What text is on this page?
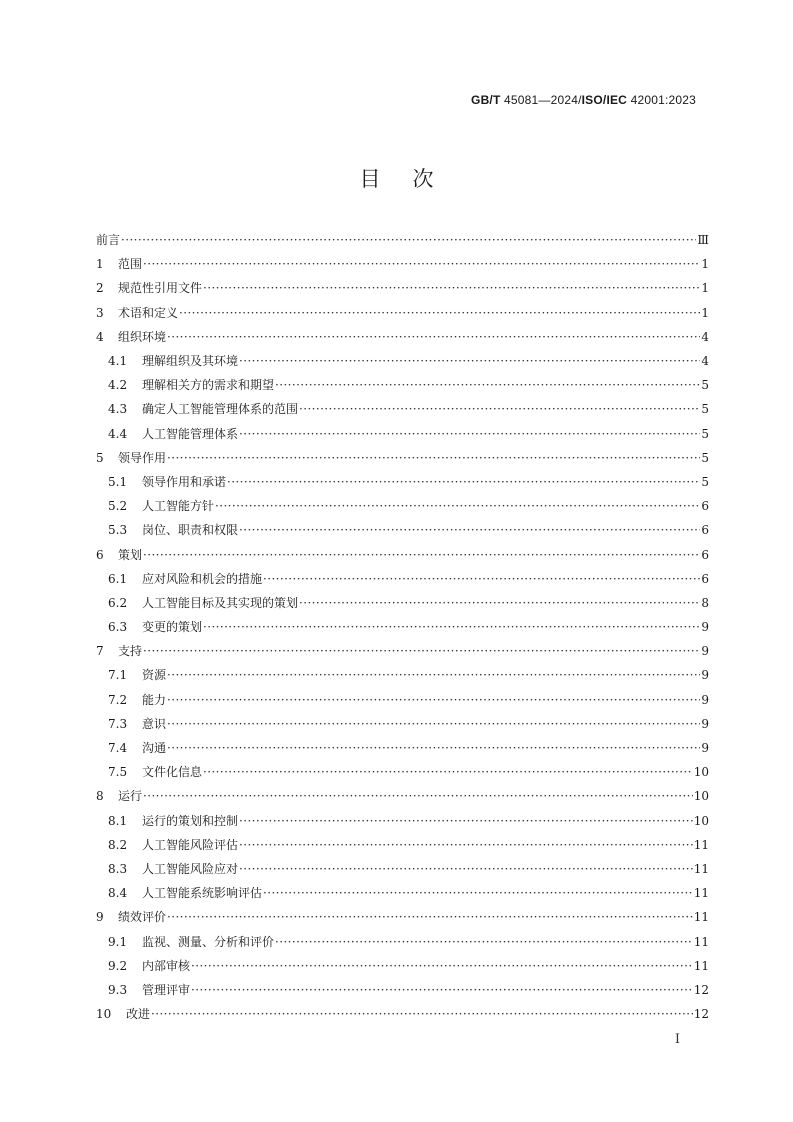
GB/T 45081—2024/ISO/IEC 42001:2023
目次
前言 ·····	Ⅲ
1	范围 ·····	1
2	规范性引用文件 ·····	1
3	术语和定义 ·····	1
4	组织环境 ·····	4
4.1	理解组织及其环境 ·····	4
4.2	理解相关方的需求和期望 ·····	5
4.3	确定人工智能管理体系的范围 ·····	5
4.4	人工智能管理体系 ·····	5
5	领导作用 ·····	5
5.1	领导作用和承诺 ·····	5
5.2	人工智能方针 ·····	6
5.3	岗位、职责和权限 ·····	6
6	策划 ·····	6
6.1	应对风险和机会的措施 ·····	6
6.2	人工智能目标及其实现的策划 ·····	8
6.3	变更的策划 ·····	9
7	支持 ·····	9
7.1	资源 ·····	9
7.2	能力 ·····	9
7.3	意识 ·····	9
7.4	沟通 ·····	9
7.5	文件化信息 ·····	10
8	运行 ·····	10
8.1	运行的策划和控制 ·····	10
8.2	人工智能风险评估 ·····	11
8.3	人工智能风险应对 ·····	11
8.4	人工智能系统影响评估 ·····	11
9	绩效评价 ·····	11
9.1	监视、测量、分析和评价 ·····	11
9.2	内部审核 ·····	11
9.3	管理评审 ·····	12
10	改进 ·····	12
I
